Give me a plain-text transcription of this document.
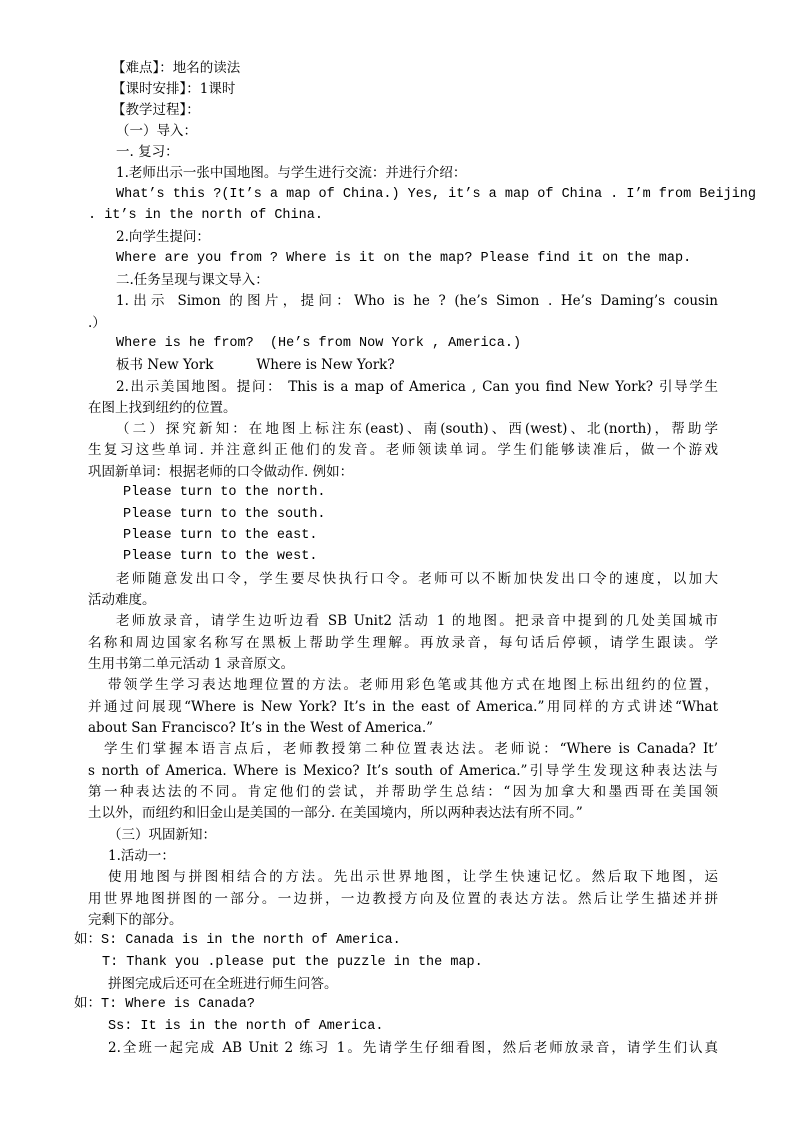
【难点】：地名的读法
【课时安排】：1课时
【教学过程】：
（一）导入：
一. 复习：
1.老师出示一张中国地图。与学生进行交流：并进行介绍：
What’s this ?(It’s a map of China.) Yes, it’s a map of China . I’m from Beijing
. it’s in the north of China.
2.向学生提问：
Where are you from ? Where is it on the map? Please find it on the map.
二.任务呈现与课文导入：
1.出示 Simon 的图片，提问：Who is he ? (he’s Simon . He’s Daming’s cousin
.）
Where is he from?  (He’s from Now York , America.)
板书 New York          Where is New York?
2.出示美国地图。提问： This is a map of America , Can you find New York? 引导学生
在图上找到纽约的位置。
（二）探究新知：在地图上标注东(east)、南(south)、西(west)、北(north)，帮助学
生复习这些单词. 并注意纠正他们的发音。老师领读单词。学生们能够读准后，做一个游戏
巩固新单词：根据老师的口令做动作. 例如：
Please turn to the north.
Please turn to the south.
Please turn to the east.
Please turn to the west.
老师随意发出口令，学生要尽快执行口令。老师可以不断加快发出口令的速度，以加大
活动难度。
老师放录音，请学生边听边看 SB Unit2 活动 1 的地图。把录音中提到的几处美国城市
名称和周边国家名称写在黑板上帮助学生理解。再放录音，每句话后停顿，请学生跟读。学
生用书第二单元活动 1 录音原文。
带领学生学习表达地理位置的方法。老师用彩色笔或其他方式在地图上标出纽约的位置，
并通过问展现“Where is New York? It’s in the east of America.”用同样的方式讲述“What
about San Francisco? It’s in the West of America.”
学生们掌握本语言点后，老师教授第二种位置表达法。老师说：“Where is Canada? It’
s north of America. Where is Mexico? It’s south of America.”引导学生发现这种表达法与
第一种表达法的不同。肯定他们的尝试，并帮助学生总结：“因为加拿大和墨西哥在美国领
土以外，而纽约和旧金山是美国的一部分. 在美国境内，所以两种表达法有所不同。”
（三）巩固新知：
1.活动一：
使用地图与拼图相结合的方法。先出示世界地图，让学生快速记忆。然后取下地图，运
用世界地图拼图的一部分。一边拼，一边教授方向及位置的表达方法。然后让学生描述并拼
完剩下的部分。
如：S: Canada is in the north of America.
T: Thank you .please put the puzzle in the map.
拼图完成后还可在全班进行师生问答。
如：T: Where is Canada?
Ss: It is in the north of America.
2.全班一起完成 AB Unit 2 练习 1。先请学生仔细看图，然后老师放录音，请学生们认真
